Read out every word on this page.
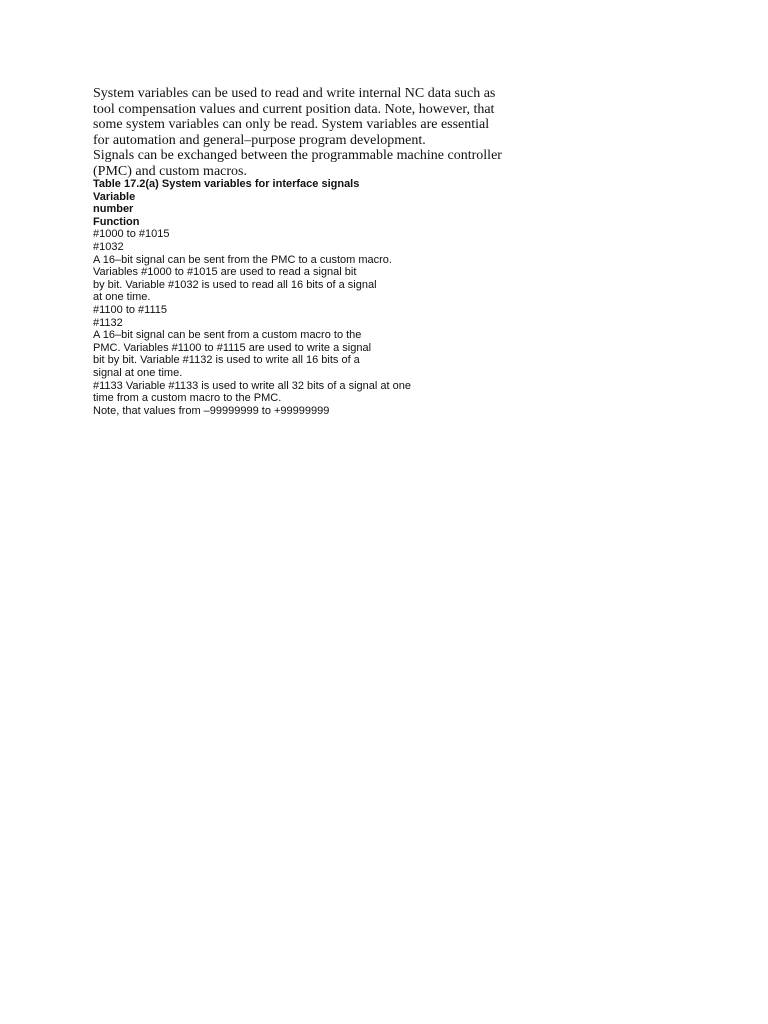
System variables can be used to read and write internal NC data such as
tool compensation values and current position data. Note, however, that
some system variables can only be read. System variables are essential
for automation and general–purpose program development.
Signals can be exchanged between the programmable machine controller
(PMC) and custom macros.
Table 17.2(a) System variables for interface signals
Variable
number
Function
#1000 to #1015
#1032
A 16–bit signal can be sent from the PMC to a custom macro.
Variables #1000 to #1015 are used to read a signal bit
by bit. Variable #1032 is used to read all 16 bits of a signal
at one time.
#1100 to #1115
#1132
A 16–bit signal can be sent from a custom macro to the
PMC. Variables #1100 to #1115 are used to write a signal
bit by bit. Variable #1132 is used to write all 16 bits of a
signal at one time.
#1133 Variable #1133 is used to write all 32 bits of a signal at one
time from a custom macro to the PMC.
Note, that values from –99999999 to +99999999
